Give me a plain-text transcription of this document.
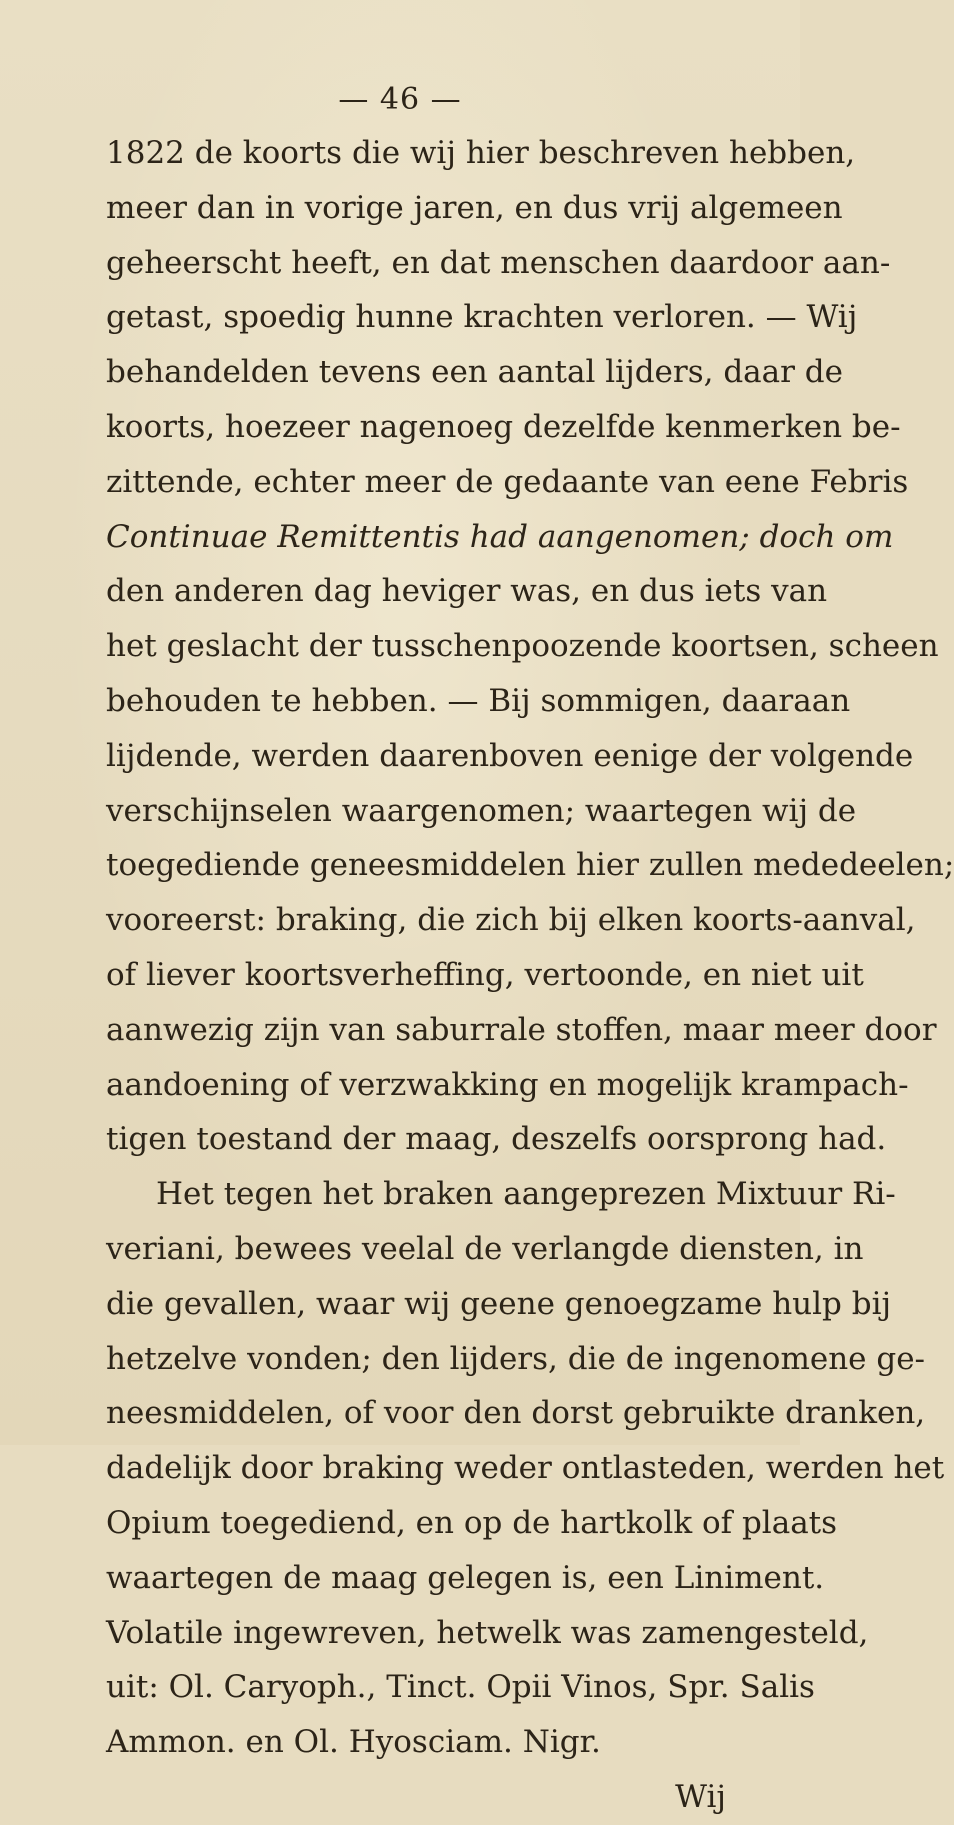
— 46 —
1822 de koorts die wij hier beschreven hebben,
meer dan in vorige jaren, en dus vrij algemeen
geheerscht heeft, en dat menschen daardoor aan-
getast, spoedig hunne krachten verloren. — Wij
behandelden tevens een aantal lijders, daar de
koorts, hoezeer nagenoeg dezelfde kenmerken be-
zittende, echter meer de gedaante van eene Febris
Continuae Remittentis had aangenomen; doch om
den anderen dag heviger was, en dus iets van
het geslacht der tusschenpoozende koortsen, scheen
behouden te hebben. — Bij sommigen, daaraan
lijdende, werden daarenboven eenige der volgende
verschijnselen waargenomen; waartegen wij de
toegediende geneesmiddelen hier zullen mededeelen;
vooreerst: braking, die zich bij elken koorts-aanval,
of liever koortsverheffing, vertoonde, en niet uit
aanwezig zijn van saburrale stoffen, maar meer door
aandoening of verzwakking en mogelijk krampach-
tigen toestand der maag, deszelfs oorsprong had.
Het tegen het braken aangeprezen Mixtuur Ri-
veriani, bewees veelal de verlangde diensten, in
die gevallen, waar wij geene genoegzame hulp bij
hetzelve vonden; den lijders, die de ingenomene ge-
neesmiddelen, of voor den dorst gebruikte dranken,
dadelijk door braking weder ontlasteden, werden het
Opium toegediend, en op de hartkolk of plaats
waartegen de maag gelegen is, een Liniment.
Volatile ingewreven, hetwelk was zamengesteld,
uit: Ol. Caryoph., Tinct. Opii Vinos, Spr. Salis
Ammon. en Ol. Hyosciam. Nigr.
Wij
